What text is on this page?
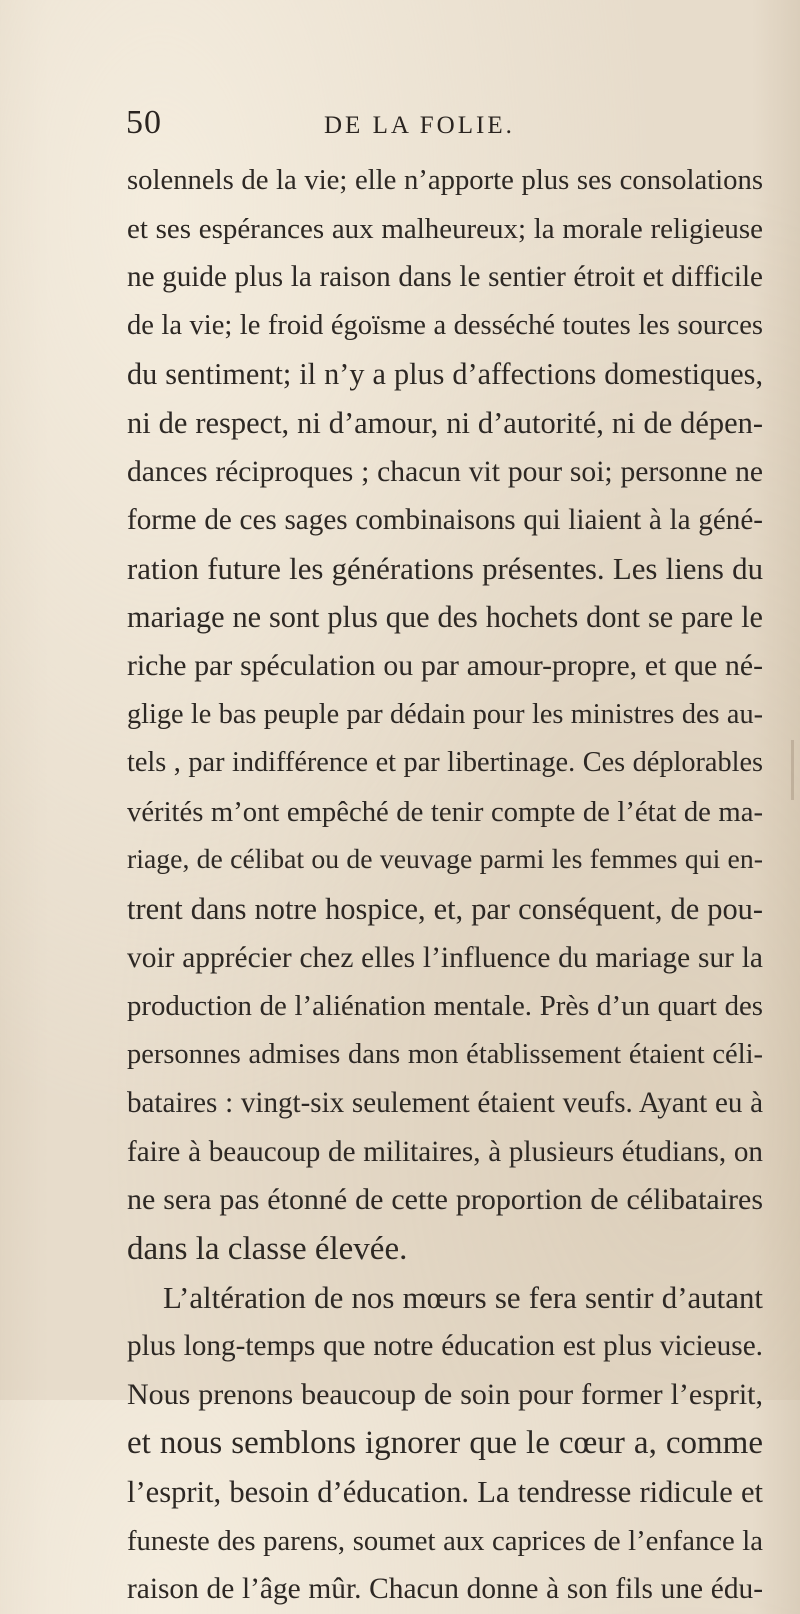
50	DE LA FOLIE.
solennels de la vie; elle n’apporte plus ses consolations
et ses espérances aux malheureux; la morale religieuse
ne guide plus la raison dans le sentier étroit et difficile
de la vie; le froid égoïsme a desséché toutes les sources
du sentiment; il n’y a plus d’affections domestiques,
ni de respect, ni d’amour, ni d’autorité, ni de dépen-
dances réciproques ; chacun vit pour soi; personne ne
forme de ces sages combinaisons qui liaient à la géné-
ration future les générations présentes. Les liens du
mariage ne sont plus que des hochets dont se pare le
riche par spéculation ou par amour-propre, et que né-
glige le bas peuple par dédain pour les ministres des au-
tels , par indifférence et par libertinage. Ces déplorables
vérités m’ont empêché de tenir compte de l’état de ma-
riage, de célibat ou de veuvage parmi les femmes qui en-
trent dans notre hospice, et, par conséquent, de pou-
voir apprécier chez elles l’influence du mariage sur la
production de l’aliénation mentale. Près d’un quart des
personnes admises dans mon établissement étaient céli-
bataires : vingt-six seulement étaient veufs. Ayant eu à
faire à beaucoup de militaires, à plusieurs étudians, on
ne sera pas étonné de cette proportion de célibataires
dans la classe élevée.
L’altération de nos mœurs se fera sentir d’autant
plus long-temps que notre éducation est plus vicieuse.
Nous prenons beaucoup de soin pour former l’esprit,
et nous semblons ignorer que le cœur a, comme
l’esprit, besoin d’éducation. La tendresse ridicule et
funeste des parens, soumet aux caprices de l’enfance la
raison de l’âge mûr. Chacun donne à son fils une édu-
